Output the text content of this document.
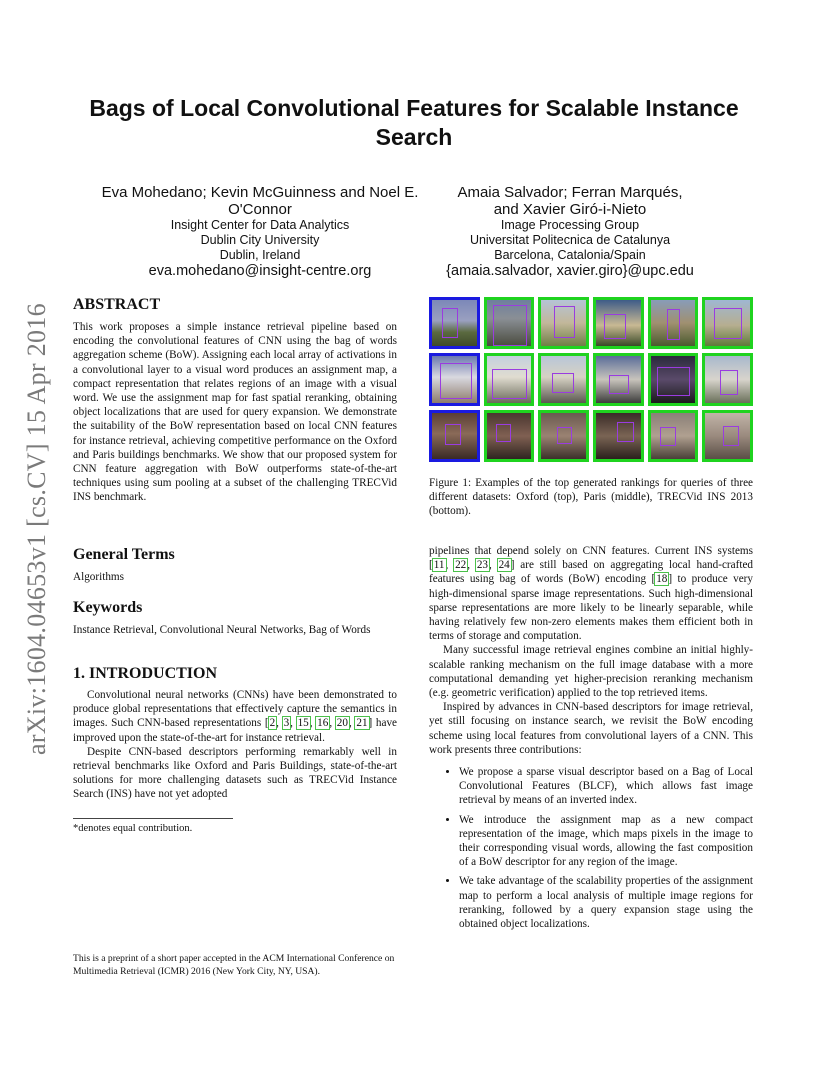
arXiv:1604.04653v1 [cs.CV] 15 Apr 2016
Bags of Local Convolutional Features for Scalable Instance Search
Eva Mohedano; Kevin McGuinness and Noel E. O'Connor
Insight Center for Data Analytics
Dublin City University
Dublin, Ireland
eva.mohedano@insight-centre.org
Amaia Salvador; Ferran Marqués,
and Xavier Giró-i-Nieto
Image Processing Group
Universitat Politecnica de Catalunya
Barcelona, Catalonia/Spain
{amaia.salvador, xavier.giro}@upc.edu
ABSTRACT

This work proposes a simple instance retrieval pipeline based on encoding the convolutional features of CNN using the bag of words aggregation scheme (BoW). Assigning each local array of activations in a convolutional layer to a visual word produces an assignment map, a compact representation that relates regions of an image with a visual word. We use the assignment map for fast spatial reranking, obtaining object localizations that are used for query expansion. We demonstrate the suitability of the BoW representation based on local CNN features for instance retrieval, achieving competitive performance on the Oxford and Paris buildings benchmarks. We show that our proposed system for CNN feature aggregation with BoW outperforms state-of-the-art techniques using sum pooling at a subset of the challenging TRECVid INS benchmark.

General Terms

Algorithms

Keywords

Instance Retrieval, Convolutional Neural Networks, Bag of Words

1. INTRODUCTION

Convolutional neural networks (CNNs) have been demonstrated to produce global representations that effectively capture the semantics in images. Such CNN-based representations [2, 3, 15, 16, 20, 21] have improved upon the state-of-the-art for instance retrieval.

Despite CNN-based descriptors performing remarkably well in retrieval benchmarks like Oxford and Paris Buildings, state-of-the-art solutions for more challenging datasets such as TRECVid Instance Search (INS) have not yet adopted

*denotes equal contribution.

This is a preprint of a short paper accepted in the ACM International Conference on Multimedia Retrieval (ICMR) 2016 (New York City, NY, USA).

Figure 1: Examples of the top generated rankings for queries of three different datasets: Oxford (top), Paris (middle), TRECVid INS 2013 (bottom).

pipelines that depend solely on CNN features. Current INS systems [11, 22, 23, 24] are still based on aggregating local hand-crafted features using bag of words (BoW) encoding [18] to produce very high-dimensional sparse image representations. Such high-dimensional sparse representations are more likely to be linearly separable, while having relatively few non-zero elements makes them efficient both in terms of storage and computation.

Many successful image retrieval engines combine an initial highly-scalable ranking mechanism on the full image database with a more computational demanding yet higher-precision reranking mechanism (e.g. geometric verification) applied to the top retrieved items.

Inspired by advances in CNN-based descriptors for image retrieval, yet still focusing on instance search, we revisit the BoW encoding scheme using local features from convolutional layers of a CNN. This work presents three contributions:

• We propose a sparse visual descriptor based on a Bag of Local Convolutional Features (BLCF), which allows fast image retrieval by means of an inverted index.
• We introduce the assignment map as a new compact representation of the image, which maps pixels in the image to their corresponding visual words, allowing the fast composition of a BoW descriptor for any region of the image.
• We take advantage of the scalability properties of the assignment map to perform a local analysis of multiple image regions for reranking, followed by a query expansion stage using the obtained object localizations.
